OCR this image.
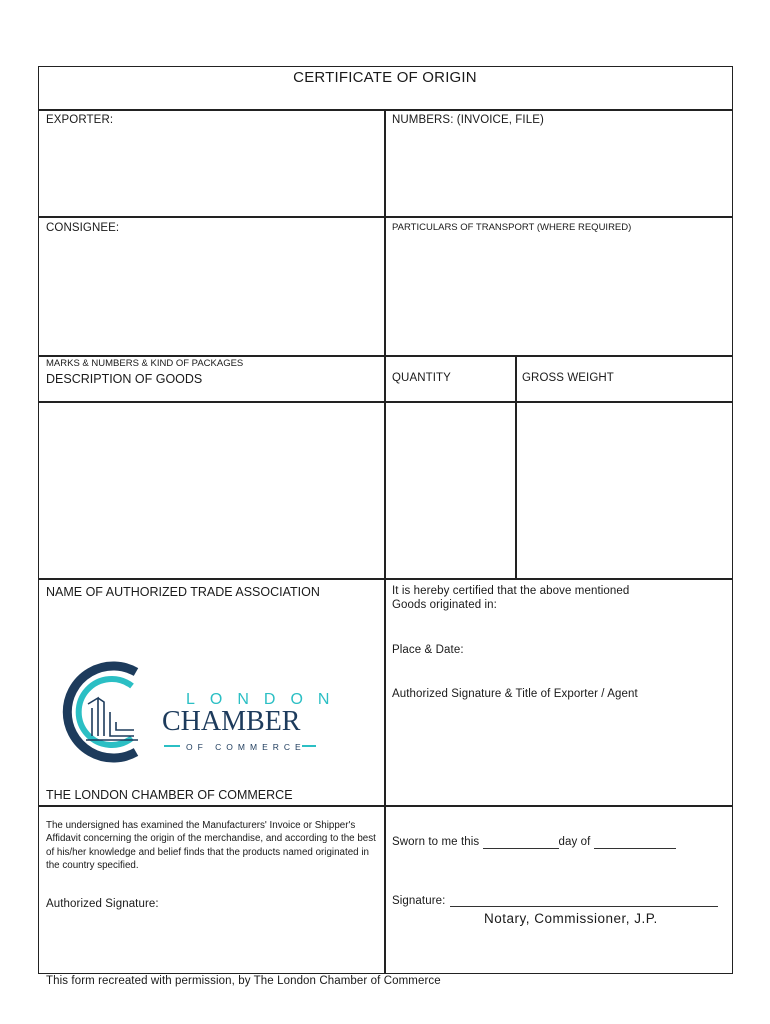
CERTIFICATE OF ORIGIN
EXPORTER:	NUMBERS: (INVOICE, FILE)
CONSIGNEE:	PARTICULARS OF TRANSPORT (WHERE REQUIRED)
MARKS & NUMBERS & KIND OF PACKAGES
DESCRIPTION OF GOODS	QUANTITY	GROSS WEIGHT
NAME OF AUTHORIZED TRADE ASSOCIATION	It is hereby certified that the above mentioned
Goods originated in:
Place & Date:
Authorized Signature & Title of Exporter / Agent
LONDON
CHAMBER
OF COMMERCE
THE LONDON CHAMBER OF COMMERCE
The undersigned has examined the Manufacturers' Invoice or Shipper's Affidavit concerning the origin of the merchandise, and according to the best of his/her knowledge and belief finds that the products named originated in the country specified.
Authorized Signature:
Sworn to me this	day of
Signature:
Notary, Commissioner, J.P.
This form recreated with permission, by The London Chamber of Commerce
